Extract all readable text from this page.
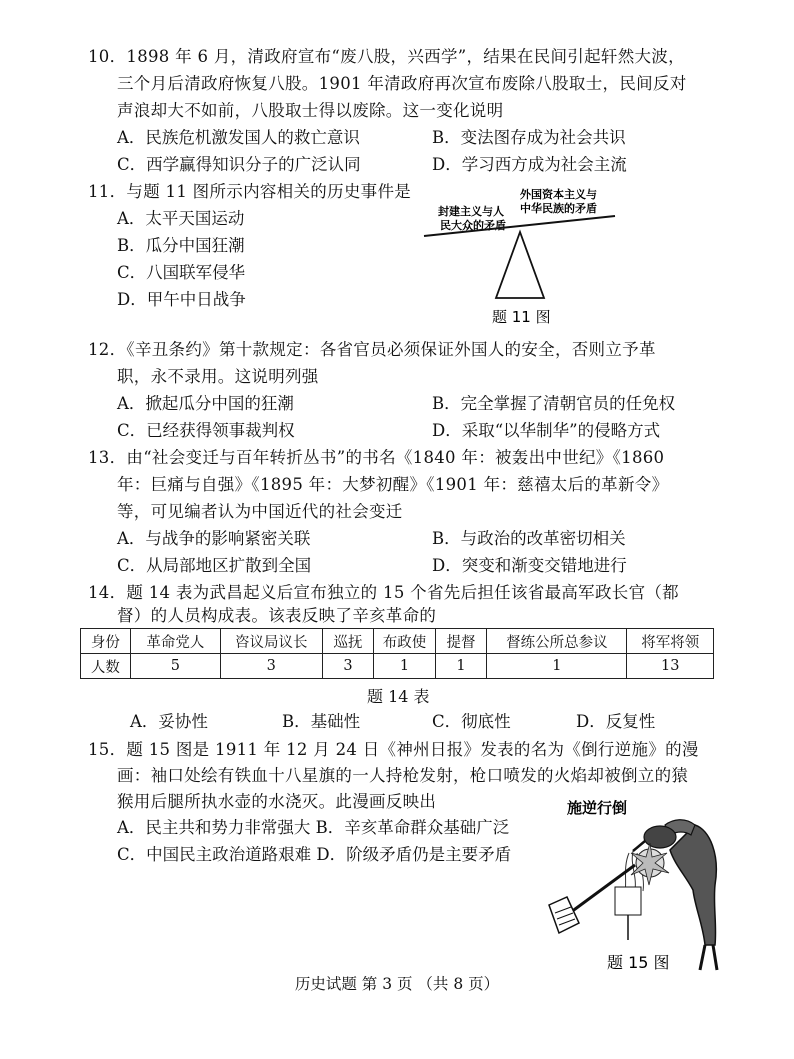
10．1898 年 6 月，清政府宣布“废八股，兴西学”，结果在民间引起轩然大波，
三个月后清政府恢复八股。1901 年清政府再次宣布废除八股取士，民间反对
声浪却大不如前，八股取士得以废除。这一变化说明
A．民族危机激发国人的救亡意识	B．变法图存成为社会共识
C．西学赢得知识分子的广泛认同	D．学习西方成为社会主流
11．与题 11 图所示内容相关的历史事件是
A．太平天国运动
B．瓜分中国狂潮
C．八国联军侵华
D．甲午中日战争
封建主义与人
民大众的矛盾
外国资本主义与
中华民族的矛盾
题 11 图
12．《辛丑条约》第十款规定：各省官员必须保证外国人的安全，否则立予革
职，永不录用。这说明列强
A．掀起瓜分中国的狂潮	B．完全掌握了清朝官员的任免权
C．已经获得领事裁判权	D．采取“以华制华”的侵略方式
13．由“社会变迁与百年转折丛书”的书名《1840 年：被轰出中世纪》《1860
年：巨痛与自强》《1895 年：大梦初醒》《1901 年：慈禧太后的革新令》
等，可见编者认为中国近代的社会变迁
A．与战争的影响紧密关联	B．与政治的改革密切相关
C．从局部地区扩散到全国	D．突变和渐变交错地进行
14．题 14 表为武昌起义后宣布独立的 15 个省先后担任该省最高军政长官（都
督）的人员构成表。该表反映了辛亥革命的
身份	革命党人	咨议局议长	巡抚	布政使	提督	督练公所总参议	将军将领
人数	5	3	3	1	1	1	13
题 14 表
A．妥协性	B．基础性	C．彻底性	D．反复性
15．题 15 图是 1911 年 12 月 24 日《神州日报》发表的名为《倒行逆施》的漫
画：袖口处绘有铁血十八星旗的一人持枪发射，枪口喷发的火焰却被倒立的猿
猴用后腿所执水壶的水浇灭。此漫画反映出
A．民主共和势力非常强大 B．辛亥革命群众基础广泛
C．中国民主政治道路艰难 D．阶级矛盾仍是主要矛盾
施逆行倒
题 15 图
历史试题 第 3 页 （共 8 页）
